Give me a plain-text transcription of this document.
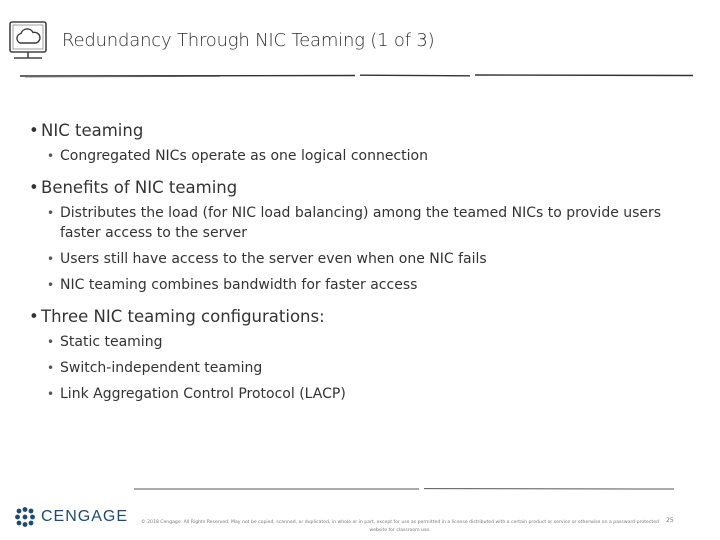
Redundancy Through NIC Teaming (1 of 3)

• NIC teaming

• Congregated NICs operate as one logical connection

• Benefits of NIC teaming

• Distributes the load (for NIC load balancing) among the teamed NICs to provide users faster access to the server

• Users still have access to the server even when one NIC fails

• NIC teaming combines bandwidth for faster access

• Three NIC teaming configurations:

• Static teaming

• Switch-independent teaming

• Link Aggregation Control Protocol (LACP)

CENGAGE	© 2018 Cengage. All Rights Reserved. May not be copied, scanned, or duplicated, in whole or in part, except for use as permitted in a license distributed with a certain product or service or otherwise on a password-protected website for classroom use.
25
